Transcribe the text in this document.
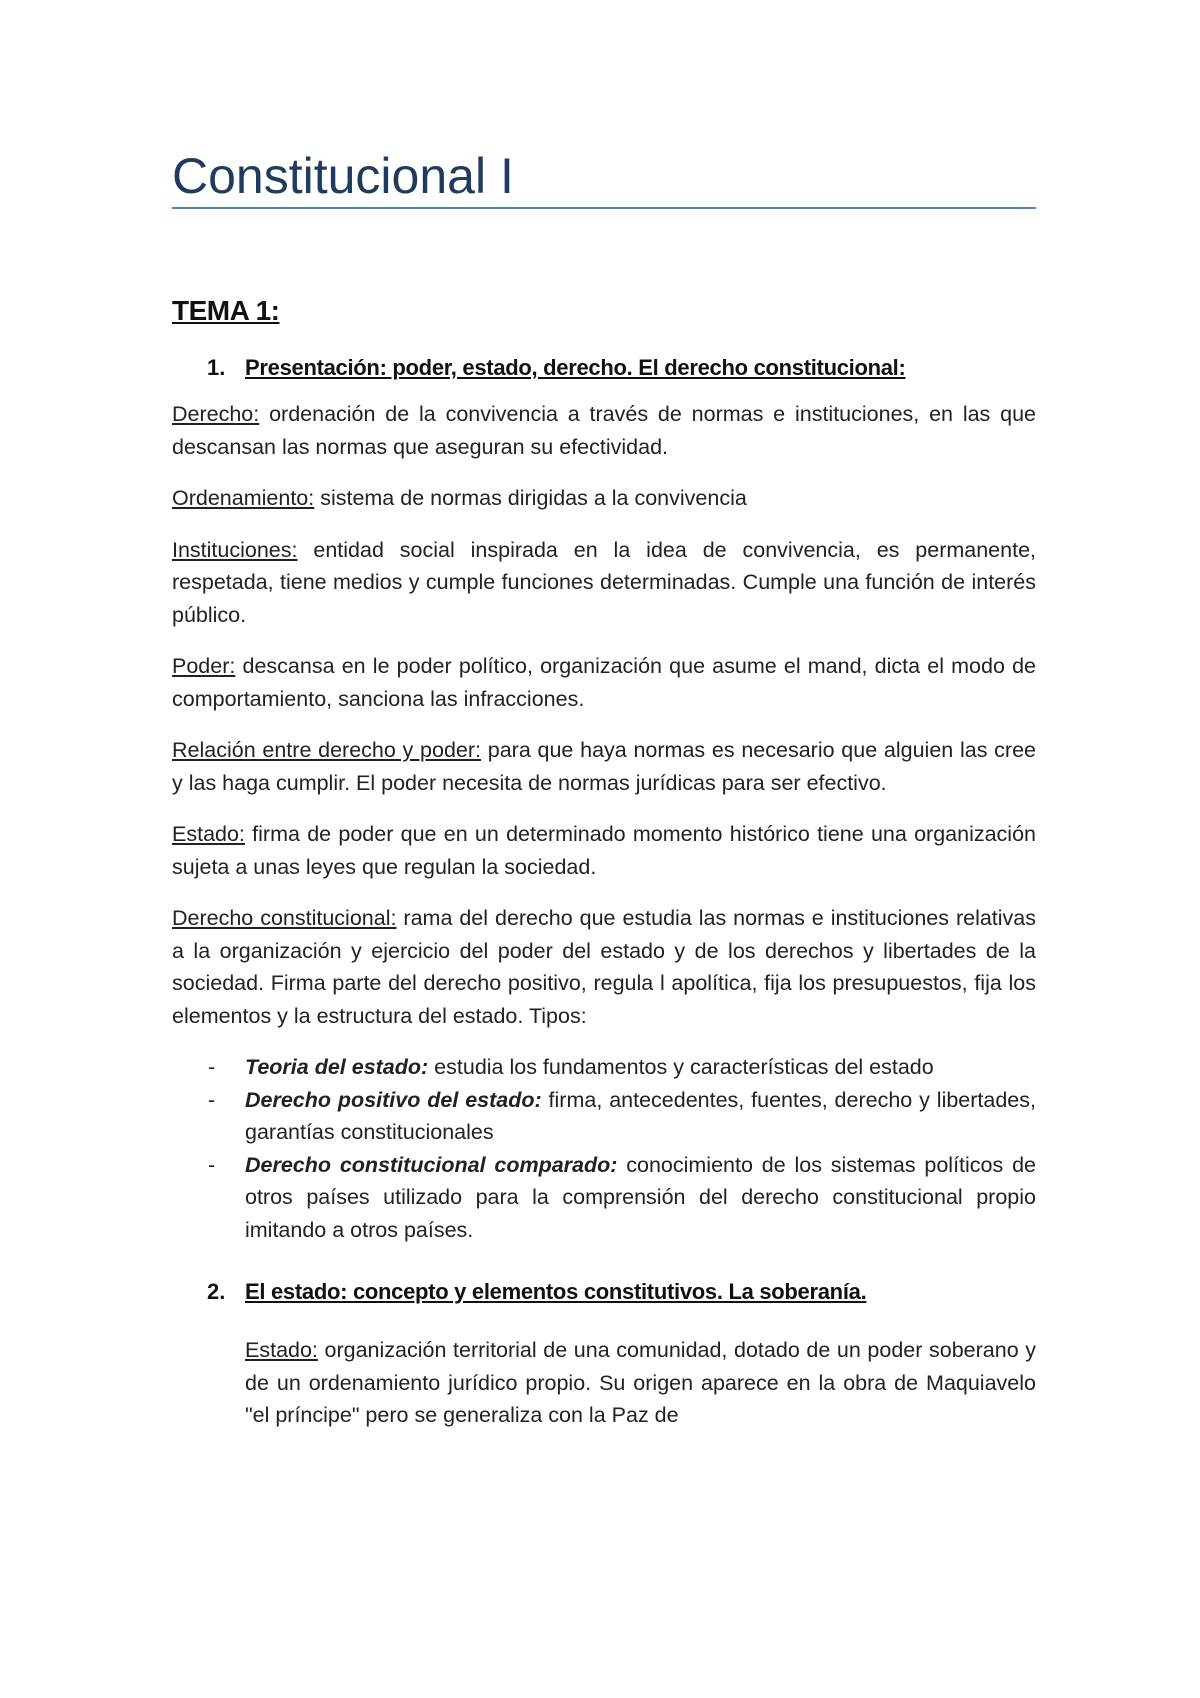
Constitucional I
TEMA 1:
1. Presentación: poder, estado, derecho. El derecho constitucional:

Derecho: ordenación de la convivencia a través de normas e instituciones, en las que descansan las normas que aseguran su efectividad.

Ordenamiento: sistema de normas dirigidas a la convivencia

Instituciones: entidad social inspirada en la idea de convivencia, es permanente, respetada, tiene medios y cumple funciones determinadas. Cumple una función de interés público.

Poder: descansa en le poder político, organización que asume el mand, dicta el modo de comportamiento, sanciona las infracciones.

Relación entre derecho y poder: para que haya normas es necesario que alguien las cree y las haga cumplir. El poder necesita de normas jurídicas para ser efectivo.

Estado: firma de poder que en un determinado momento histórico tiene una organización sujeta a unas leyes que regulan la sociedad.

Derecho constitucional: rama del derecho que estudia las normas e instituciones relativas a la organización y ejercicio del poder del estado y de los derechos y libertades de la sociedad. Firma parte del derecho positivo, regula l apolítica, fija los presupuestos, fija los elementos y la estructura del estado. Tipos:

-	Teoria del estado: estudia los fundamentos y características del estado
-	Derecho positivo del estado: firma, antecedentes, fuentes, derecho y libertades, garantías constitucionales
-	Derecho constitucional comparado: conocimiento de los sistemas políticos de otros países utilizado para la comprensión del derecho constitucional propio imitando a otros países.
2. El estado: concepto y elementos constitutivos. La soberanía.

Estado: organización territorial de una comunidad, dotado de un poder soberano y de un ordenamiento jurídico propio. Su origen aparece en la obra de Maquiavelo "el príncipe" pero se generaliza con la Paz de
